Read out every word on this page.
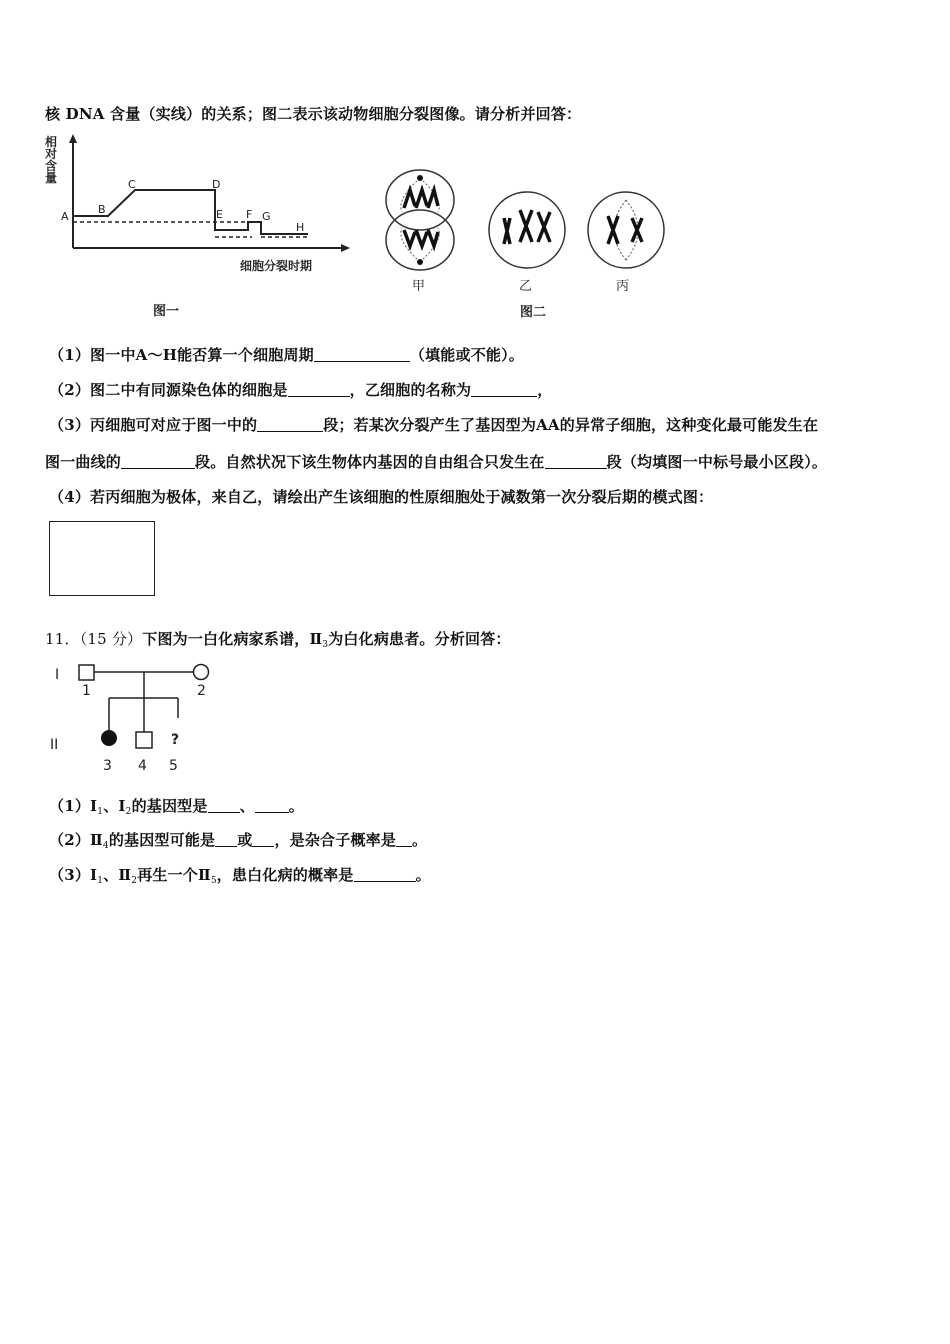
核 DNA 含量（实线）的关系；图二表示该动物细胞分裂图像。请分析并回答：
相
对
含
量
A
B
C	D
E F G
H
细胞分裂时期
图一
甲	乙	丙
图二
（1）图一中A～H能否算一个细胞周期	（填能或不能）。
（2）图二中有同源染色体的细胞是	，乙细胞的名称为	，
（3）丙细胞可对应于图一中的	段；若某次分裂产生了基因型为AA的异常子细胞，这种变化最可能发生在
图一曲线的	段。自然状况下该生物体内基因的自由组合只发生在	段（均填图一中标号最小区段）。
（4）若丙细胞为极体，来自乙，请绘出产生该细胞的性原细胞处于减数第一次分裂后期的模式图：
11．（15 分）下图为一白化病家系谱，$Ⅱ_3$为白化病患者。分析回答：
I
II	?
1	2
3 4 5
$(1)Ⅰ_1$、$Ⅰ_2$的基因型是 、 。
$(2)Ⅱ_4$的基因型可能是 或 ，是杂合子概率是 。
$(3)Ⅰ_1$、$Ⅱ_2$再生一个$Ⅱ_5$，患白化病的概率是	。
